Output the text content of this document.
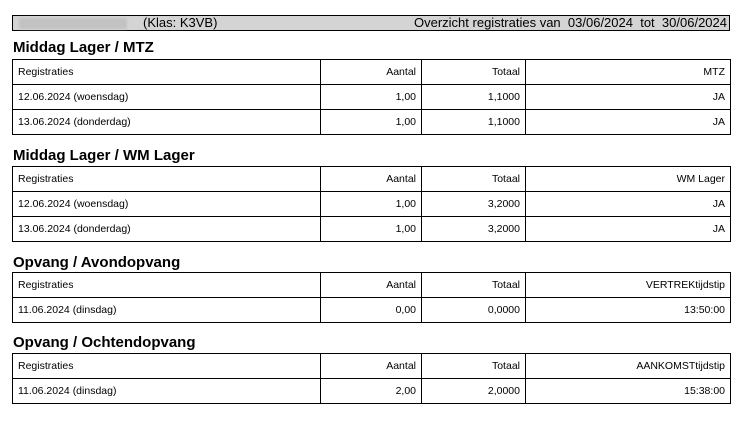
(Klas: K3VB)	Overzicht registraties van 03/06/2024 tot 30/06/2024
Middag Lager / MTZ
Registraties	Aantal	Totaal	MTZ
12.06.2024 (woensdag)	1,00	1,1000	JA
13.06.2024 (donderdag)	1,00	1,1000	JA
Middag Lager / WM Lager
Registraties	Aantal	Totaal	WM Lager
12.06.2024 (woensdag)	1,00	3,2000	JA
13.06.2024 (donderdag)	1,00	3,2000	JA
Opvang / Avondopvang
Registraties	Aantal	Totaal	VERTREKtijdstip
11.06.2024 (dinsdag)	0,00	0,0000	13:50:00
Opvang / Ochtendopvang
Registraties	Aantal	Totaal	AANKOMSTtijdstip
11.06.2024 (dinsdag)	2,00	2,0000	15:38:00
